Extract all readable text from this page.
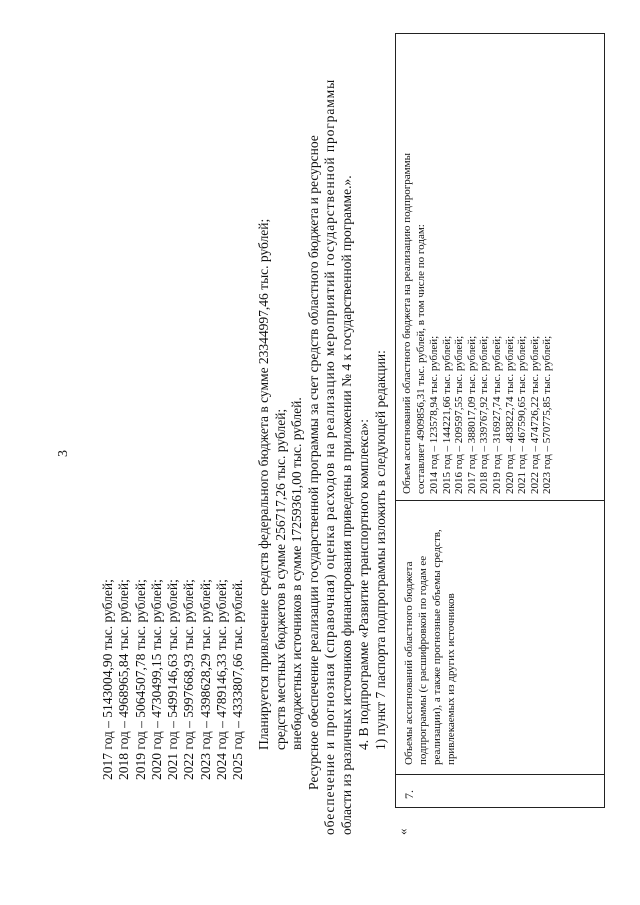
3
2017 год – 5143004,90 тыс. рублей; 2018 год – 4968965,84 тыс. рублей; 2019 год – 5064507,78 тыс. рублей; 2020 год – 4730499,15 тыс. рублей; 2021 год – 5499146,63 тыс. рублей; 2022 год – 5997668,93 тыс. рублей; 2023 год – 4398628,29 тыс. рублей; 2024 год – 4789146,33 тыс. рублей; 2025 год – 4333807,66 тыс. рублей. Планируется привлечение средств федерального бюджета в сумме 23344997,46 тыс. рублей; средств местных бюджетов в сумме 256717,26 тыс. рублей; внебюджетных источников в сумме 17259361,00 тыс. рублей. Ресурсное обеспечение реализации государственной программы за счет средств областного бюджета и ресурсное обеспечение и прогнозная (справочная) оценка расходов на реализацию мероприятий государственной программы области из различных источников финансирования приведены в приложении № 4 к государственной программе.». 4. В подпрограмме «Развитие транспортного комплекса»: 1) пункт 7 паспорта подпрограммы изложить в следующей редакции:
«
7.
Объемы ассигнований областного бюджета подпрограммы (с расшифровкой по годам ее реализации), а также прогнозные объемы средств, привлекаемых из других источников
Объем ассигнований областного бюджета на реализацию подпрограммы составляет 4909856,31 тыс. рублей, в том числе по годам: 2014 год – 123578,94 тыс. рублей; 2015 год – 144221,66 тыс. рублей; 2016 год – 209597,55 тыс. рублей; 2017 год – 388017,09 тыс. рублей; 2018 год – 339767,92 тыс. рублей; 2019 год – 316927,74 тыс. рублей; 2020 год – 483822,74 тыс. рублей; 2021 год – 467590,65 тыс. рублей; 2022 год – 474726,22 тыс. рублей; 2023 год – 570775,85 тыс. рублей;
